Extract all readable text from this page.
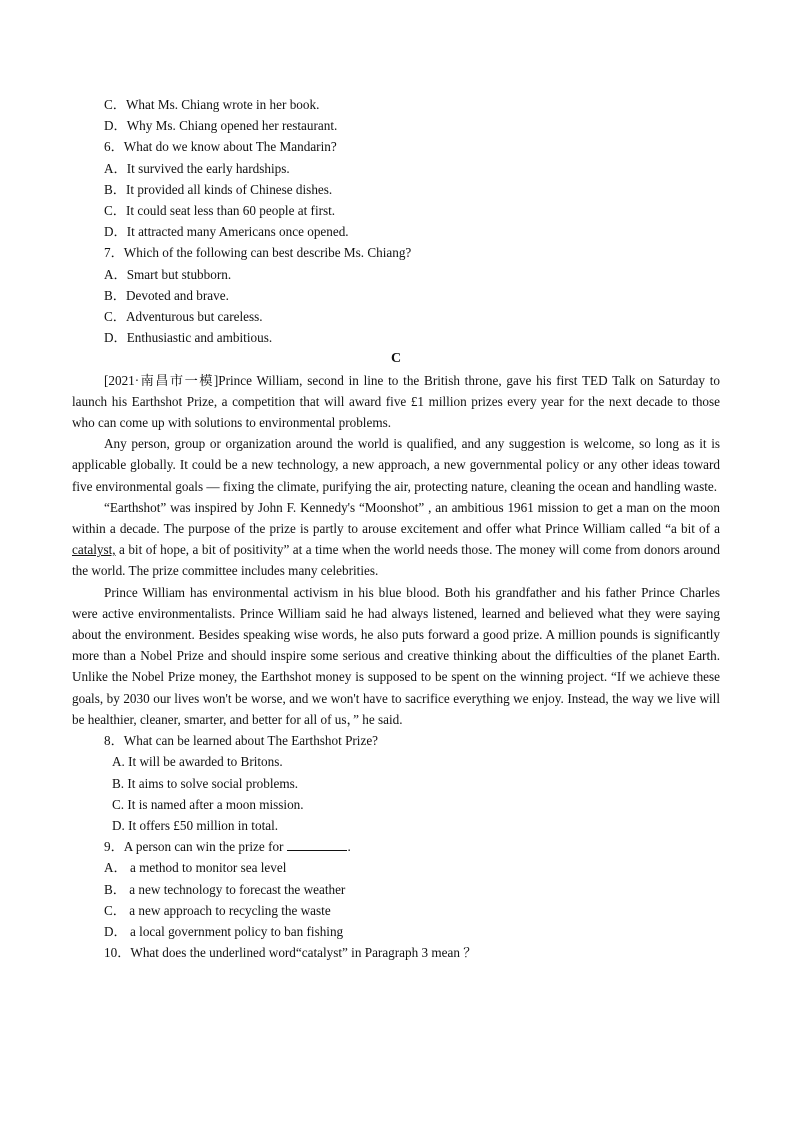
C．What Ms. Chiang wrote in her book.
D．Why Ms. Chiang opened her restaurant.
6．What do we know about The Mandarin?
A．It survived the early hardships.
B．It provided all kinds of Chinese dishes.
C．It could seat less than 60 people at first.
D．It attracted many Americans once opened.
7．Which of the following can best describe Ms. Chiang?
A．Smart but stubborn.
B．Devoted and brave.
C．Adventurous but careless.
D．Enthusiastic and ambitious.
C
[2021·南昌市一模]Prince William, second in line to the British throne, gave his first TED Talk on Saturday to launch his Earthshot Prize, a competition that will award five £1 million prizes every year for the next decade to those who can come up with solutions to environmental problems.
Any person, group or organization around the world is qualified, and any suggestion is welcome, so long as it is applicable globally. It could be a new technology, a new approach, a new governmental policy or any other ideas toward five environmental goals — fixing the climate, purifying the air, protecting nature, cleaning the ocean and handling waste.
“Earthshot” was inspired by John F. Kennedy's “Moonshot” , an ambitious 1961 mission to get a man on the moon within a decade. The purpose of the prize is partly to arouse excitement and offer what Prince William called “a bit of a catalyst, a bit of hope, a bit of positivity” at a time when the world needs those. The money will come from donors around the world. The prize committee includes many celebrities.
Prince William has environmental activism in his blue blood. Both his grandfather and his father Prince Charles were active environmentalists. Prince William said he had always listened, learned and believed what they were saying about the environment. Besides speaking wise words, he also puts forward a good prize. A million pounds is significantly more than a Nobel Prize and should inspire some serious and creative thinking about the difficulties of the planet Earth. Unlike the Nobel Prize money, the Earthshot money is supposed to be spent on the winning project. “If we achieve these goals, by 2030 our lives won't be worse, and we won't have to sacrifice everything we enjoy. Instead, the way we live will be healthier, cleaner, smarter, and better for all of us，” he said.
8．What can be learned about The Earthshot Prize?
A. It will be awarded to Britons.
B. It aims to solve social problems.
C. It is named after a moon mission.
D. It offers £50 million in total.
9．A person can win the prize for	.
A． a method to monitor sea level
B． a new technology to forecast the weather
C． a new approach to recycling the waste
D． a local government policy to ban fishing
10．What does the underlined word“catalyst” in Paragraph 3 mean ？
